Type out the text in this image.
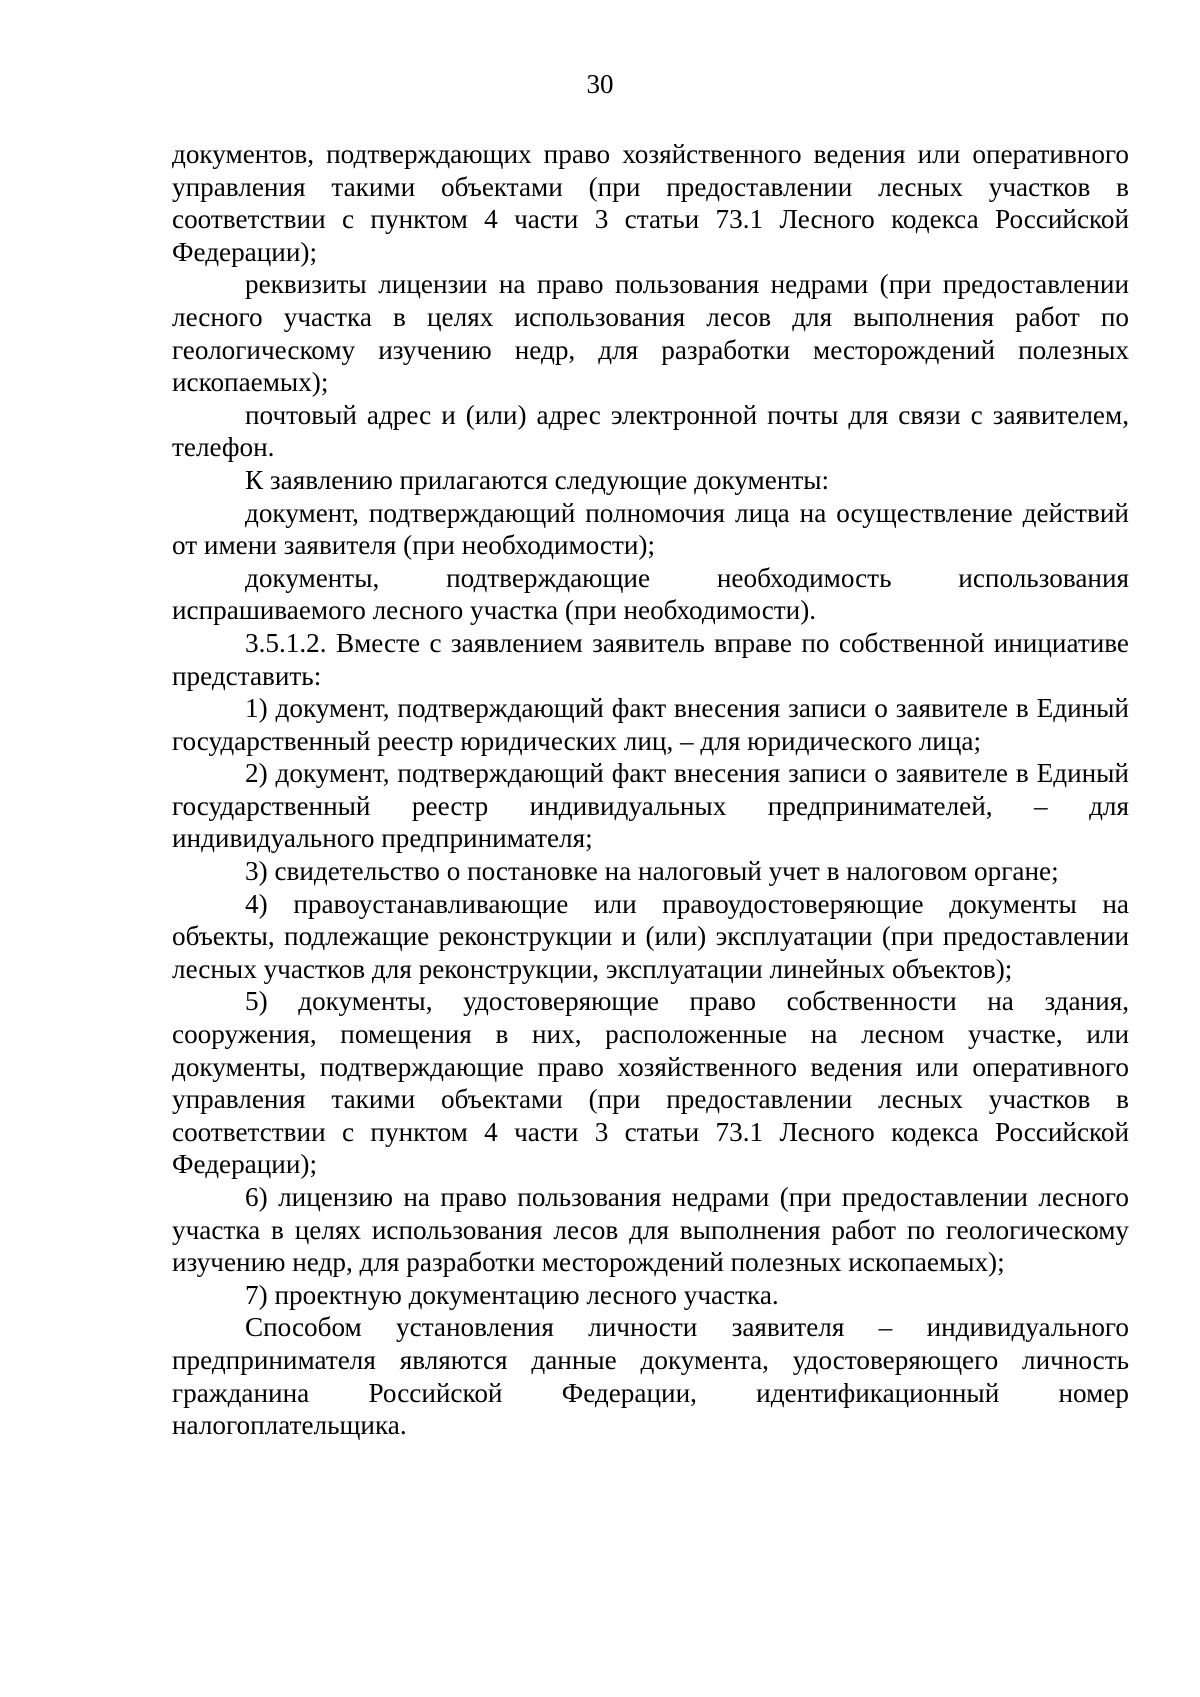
30

документов, подтверждающих право хозяйственного ведения или оперативного управления такими объектами (при предоставлении лесных участков в соответствии с пунктом 4 части 3 статьи 73.1 Лесного кодекса Российской Федерации);

реквизиты лицензии на право пользования недрами (при предоставлении лесного участка в целях использования лесов для выполнения работ по геологическому изучению недр, для разработки месторождений полезных ископаемых);

почтовый адрес и (или) адрес электронной почты для связи с заявителем, телефон.

К заявлению прилагаются следующие документы:

документ, подтверждающий полномочия лица на осуществление действий от имени заявителя (при необходимости);

документы, подтверждающие необходимость использования испрашиваемого лесного участка (при необходимости).

3.5.1.2. Вместе с заявлением заявитель вправе по собственной инициативе представить:

1) документ, подтверждающий факт внесения записи о заявителе в Единый государственный реестр юридических лиц, – для юридического лица;

2) документ, подтверждающий факт внесения записи о заявителе в Единый государственный реестр индивидуальных предпринимателей, – для индивидуального предпринимателя;

3) свидетельство о постановке на налоговый учет в налоговом органе;

4) правоустанавливающие или правоудостоверяющие документы на объекты, подлежащие реконструкции и (или) эксплуатации (при предоставлении лесных участков для реконструкции, эксплуатации линейных объектов);

5) документы, удостоверяющие право собственности на здания, сооружения, помещения в них, расположенные на лесном участке, или документы, подтверждающие право хозяйственного ведения или оперативного управления такими объектами (при предоставлении лесных участков в соответствии с пунктом 4 части 3 статьи 73.1 Лесного кодекса Российской Федерации);

6) лицензию на право пользования недрами (при предоставлении лесного участка в целях использования лесов для выполнения работ по геологическому изучению недр, для разработки месторождений полезных ископаемых);

7) проектную документацию лесного участка.

Способом установления личности заявителя – индивидуального предпринимателя являются данные документа, удостоверяющего личность гражданина Российской Федерации, идентификационный номер налогоплательщика.
